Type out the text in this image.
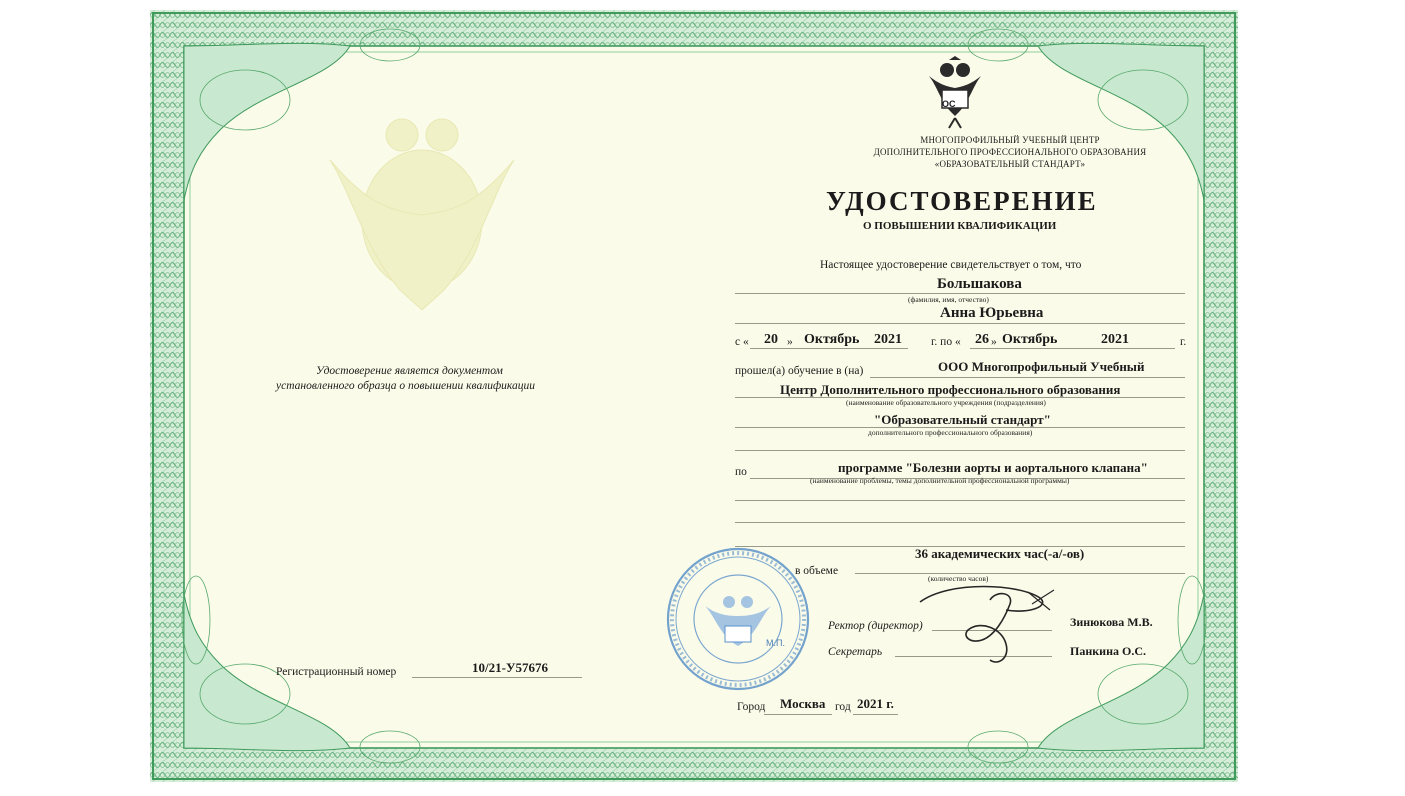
ОС
МНОГОПРОФИЛЬНЫЙ УЧЕБНЫЙ ЦЕНТР
ДОПОЛНИТЕЛЬНОГО ПРОФЕССИОНАЛЬНОГО ОБРАЗОВАНИЯ
«ОБРАЗОВАТЕЛЬНЫЙ СТАНДАРТ»
УДОСТОВЕРЕНИЕ
О ПОВЫШЕНИИ КВАЛИФИКАЦИИ
Удостоверение является документом
установленного образца о повышении квалификации
Регистрационный номер	10/21-У57676
Настоящее удостоверение свидетельствует о том, что
Большакова
(фамилия, имя, отчество)
Анна Юрьевна
с « 20 » Октябрь 2021	г. по « 26 » Октябрь	2021	г.
прошел(а) обучение в (на)	ООО Многопрофильный Учебный
Центр Дополнительного профессионального образования
(наименование образовательного учреждения (подразделения)
"Образовательный стандарт"
дополнительного профессионального образования)
по	программе "Болезни аорты и аортального клапана"
(наименование проблемы, темы дополнительной профессиональной программы)
36 академических час(-а/-ов)
в объеме
(количество часов)
Ректор (директор)	Зинюкова М.В.
Секретарь	Панкина О.С.
М.П.
Город Москва год 2021 г.
